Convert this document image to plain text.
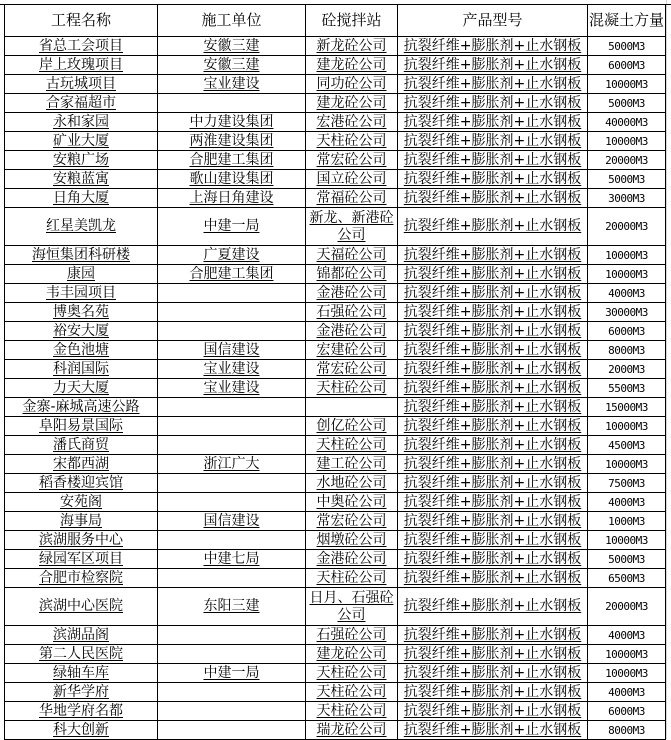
工程名称	施工单位	砼搅拌站	产品型号	混凝土方量
省总工会项目	安徽三建	新龙砼公司	抗裂纤维+膨胀剂+止水钢板	5000M3
岸上玫瑰项目	安徽三建	建龙砼公司	抗裂纤维+膨胀剂+止水钢板	6000M3
古玩城项目	宝业建设	同功砼公司	抗裂纤维+膨胀剂+止水钢板	10000M3
合家福超市		建龙砼公司	抗裂纤维+膨胀剂+止水钢板	5000M3
永和家园	中力建设集团	宏港砼公司	抗裂纤维+膨胀剂+止水钢板	40000M3
矿业大厦	两淮建设集团	天柱砼公司	抗裂纤维+膨胀剂+止水钢板	10000M3
安粮广场	合肥建工集团	常宏砼公司	抗裂纤维+膨胀剂+止水钢板	20000M3
安粮蓝寓	歌山建设集团	国立砼公司	抗裂纤维+膨胀剂+止水钢板	5000M3
日角大厦	上海日角建设	常福砼公司	抗裂纤维+膨胀剂+止水钢板	3000M3
红星美凯龙	中建一局	新龙、新港砼公司	抗裂纤维+膨胀剂+止水钢板	20000M3
海恒集团科研楼	广夏建设	天福砼公司	抗裂纤维+膨胀剂+止水钢板	10000M3
康园	合肥建工集团	锦都砼公司	抗裂纤维+膨胀剂+止水钢板	10000M3
韦丰园项目		金港砼公司	抗裂纤维+膨胀剂+止水钢板	4000M3
博奥名苑		石强砼公司	抗裂纤维+膨胀剂+止水钢板	30000M3
裕安大厦		金港砼公司	抗裂纤维+膨胀剂+止水钢板	6000M3
金色池塘	国信建设	宏建砼公司	抗裂纤维+膨胀剂+止水钢板	8000M3
科润国际	宝业建设	常宏砼公司	抗裂纤维+膨胀剂+止水钢板	2000M3
力天大厦	宝业建设	天柱砼公司	抗裂纤维+膨胀剂+止水钢板	5500M3
金寨-麻城高速公路			抗裂纤维+膨胀剂+止水钢板	15000M3
阜阳易景国际		创亿砼公司	抗裂纤维+膨胀剂+止水钢板	10000M3
潘氏商贸		天柱砼公司	抗裂纤维+膨胀剂+止水钢板	4500M3
宋都西湖	浙江广大	建工砼公司	抗裂纤维+膨胀剂+止水钢板	10000M3
稻香楼迎宾馆		水地砼公司	抗裂纤维+膨胀剂+止水钢板	7500M3
安苑阁		中奥砼公司	抗裂纤维+膨胀剂+止水钢板	4000M3
海事局	国信建设	常宏砼公司	抗裂纤维+膨胀剂+止水钢板	1000M3
滨湖服务中心		烟墩砼公司	抗裂纤维+膨胀剂+止水钢板	10000M3
绿园军区项目	中建七局	金港砼公司	抗裂纤维+膨胀剂+止水钢板	5000M3
合肥市检察院		天柱砼公司	抗裂纤维+膨胀剂+止水钢板	6500M3
滨湖中心医院	东阳三建	日月、石强砼公司	抗裂纤维+膨胀剂+止水钢板	20000M3
滨湖品阁		石强砼公司	抗裂纤维+膨胀剂+止水钢板	4000M3
第二人民医院		建龙砼公司	抗裂纤维+膨胀剂+止水钢板	10000M3
绿轴车库	中建一局	天柱砼公司	抗裂纤维+膨胀剂+止水钢板	10000M3
新华学府		天柱砼公司	抗裂纤维+膨胀剂+止水钢板	4000M3
华地学府名都		天柱砼公司	抗裂纤维+膨胀剂+止水钢板	6000M3
科大创新		瑞龙砼公司	抗裂纤维+膨胀剂+止水钢板	8000M3
